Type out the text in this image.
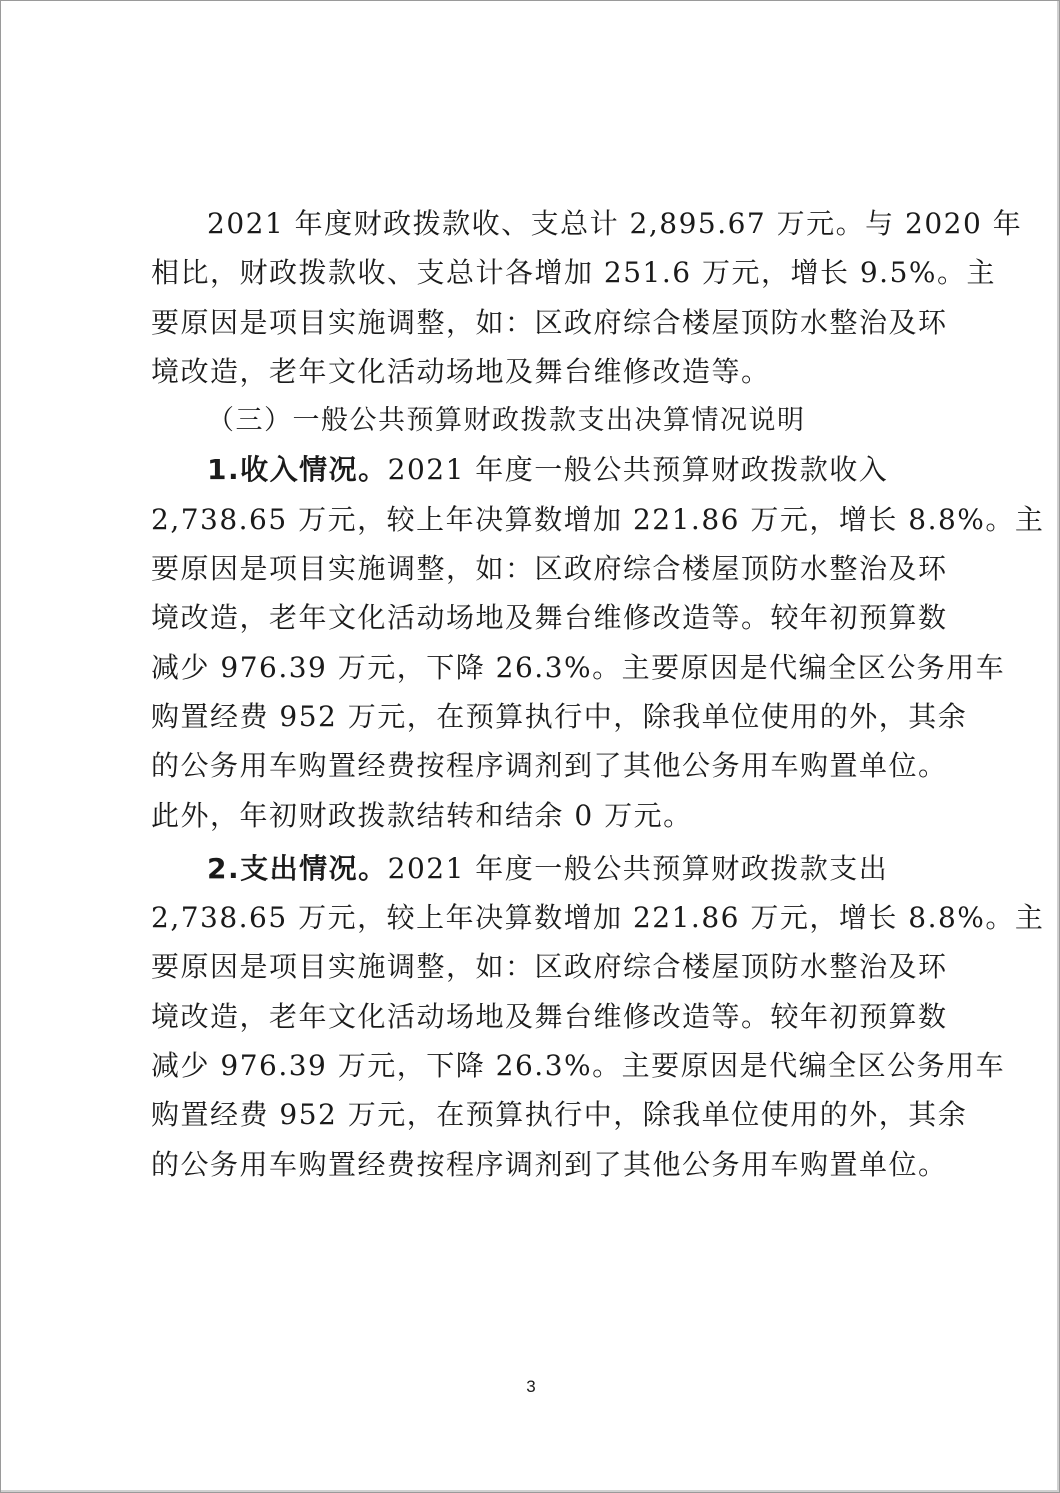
2021 年度财政拨款收、支总计 2,895.67 万元。与 2020 年
相比，财政拨款收、支总计各增加 251.6 万元，增长 9.5%。主
要原因是项目实施调整，如：区政府综合楼屋顶防水整治及环
境改造，老年文化活动场地及舞台维修改造等。
（三）一般公共预算财政拨款支出决算情况说明
1.收入情况。2021 年度一般公共预算财政拨款收入
2,738.65 万元，较上年决算数增加 221.86 万元，增长 8.8%。主
要原因是项目实施调整，如：区政府综合楼屋顶防水整治及环
境改造，老年文化活动场地及舞台维修改造等。较年初预算数
减少 976.39 万元，下降 26.3%。主要原因是代编全区公务用车
购置经费 952 万元，在预算执行中，除我单位使用的外，其余
的公务用车购置经费按程序调剂到了其他公务用车购置单位。
此外，年初财政拨款结转和结余 0 万元。
2.支出情况。2021 年度一般公共预算财政拨款支出
2,738.65 万元，较上年决算数增加 221.86 万元，增长 8.8%。主
要原因是项目实施调整，如：区政府综合楼屋顶防水整治及环
境改造，老年文化活动场地及舞台维修改造等。较年初预算数
减少 976.39 万元，下降 26.3%。主要原因是代编全区公务用车
购置经费 952 万元，在预算执行中，除我单位使用的外，其余
的公务用车购置经费按程序调剂到了其他公务用车购置单位。
3
